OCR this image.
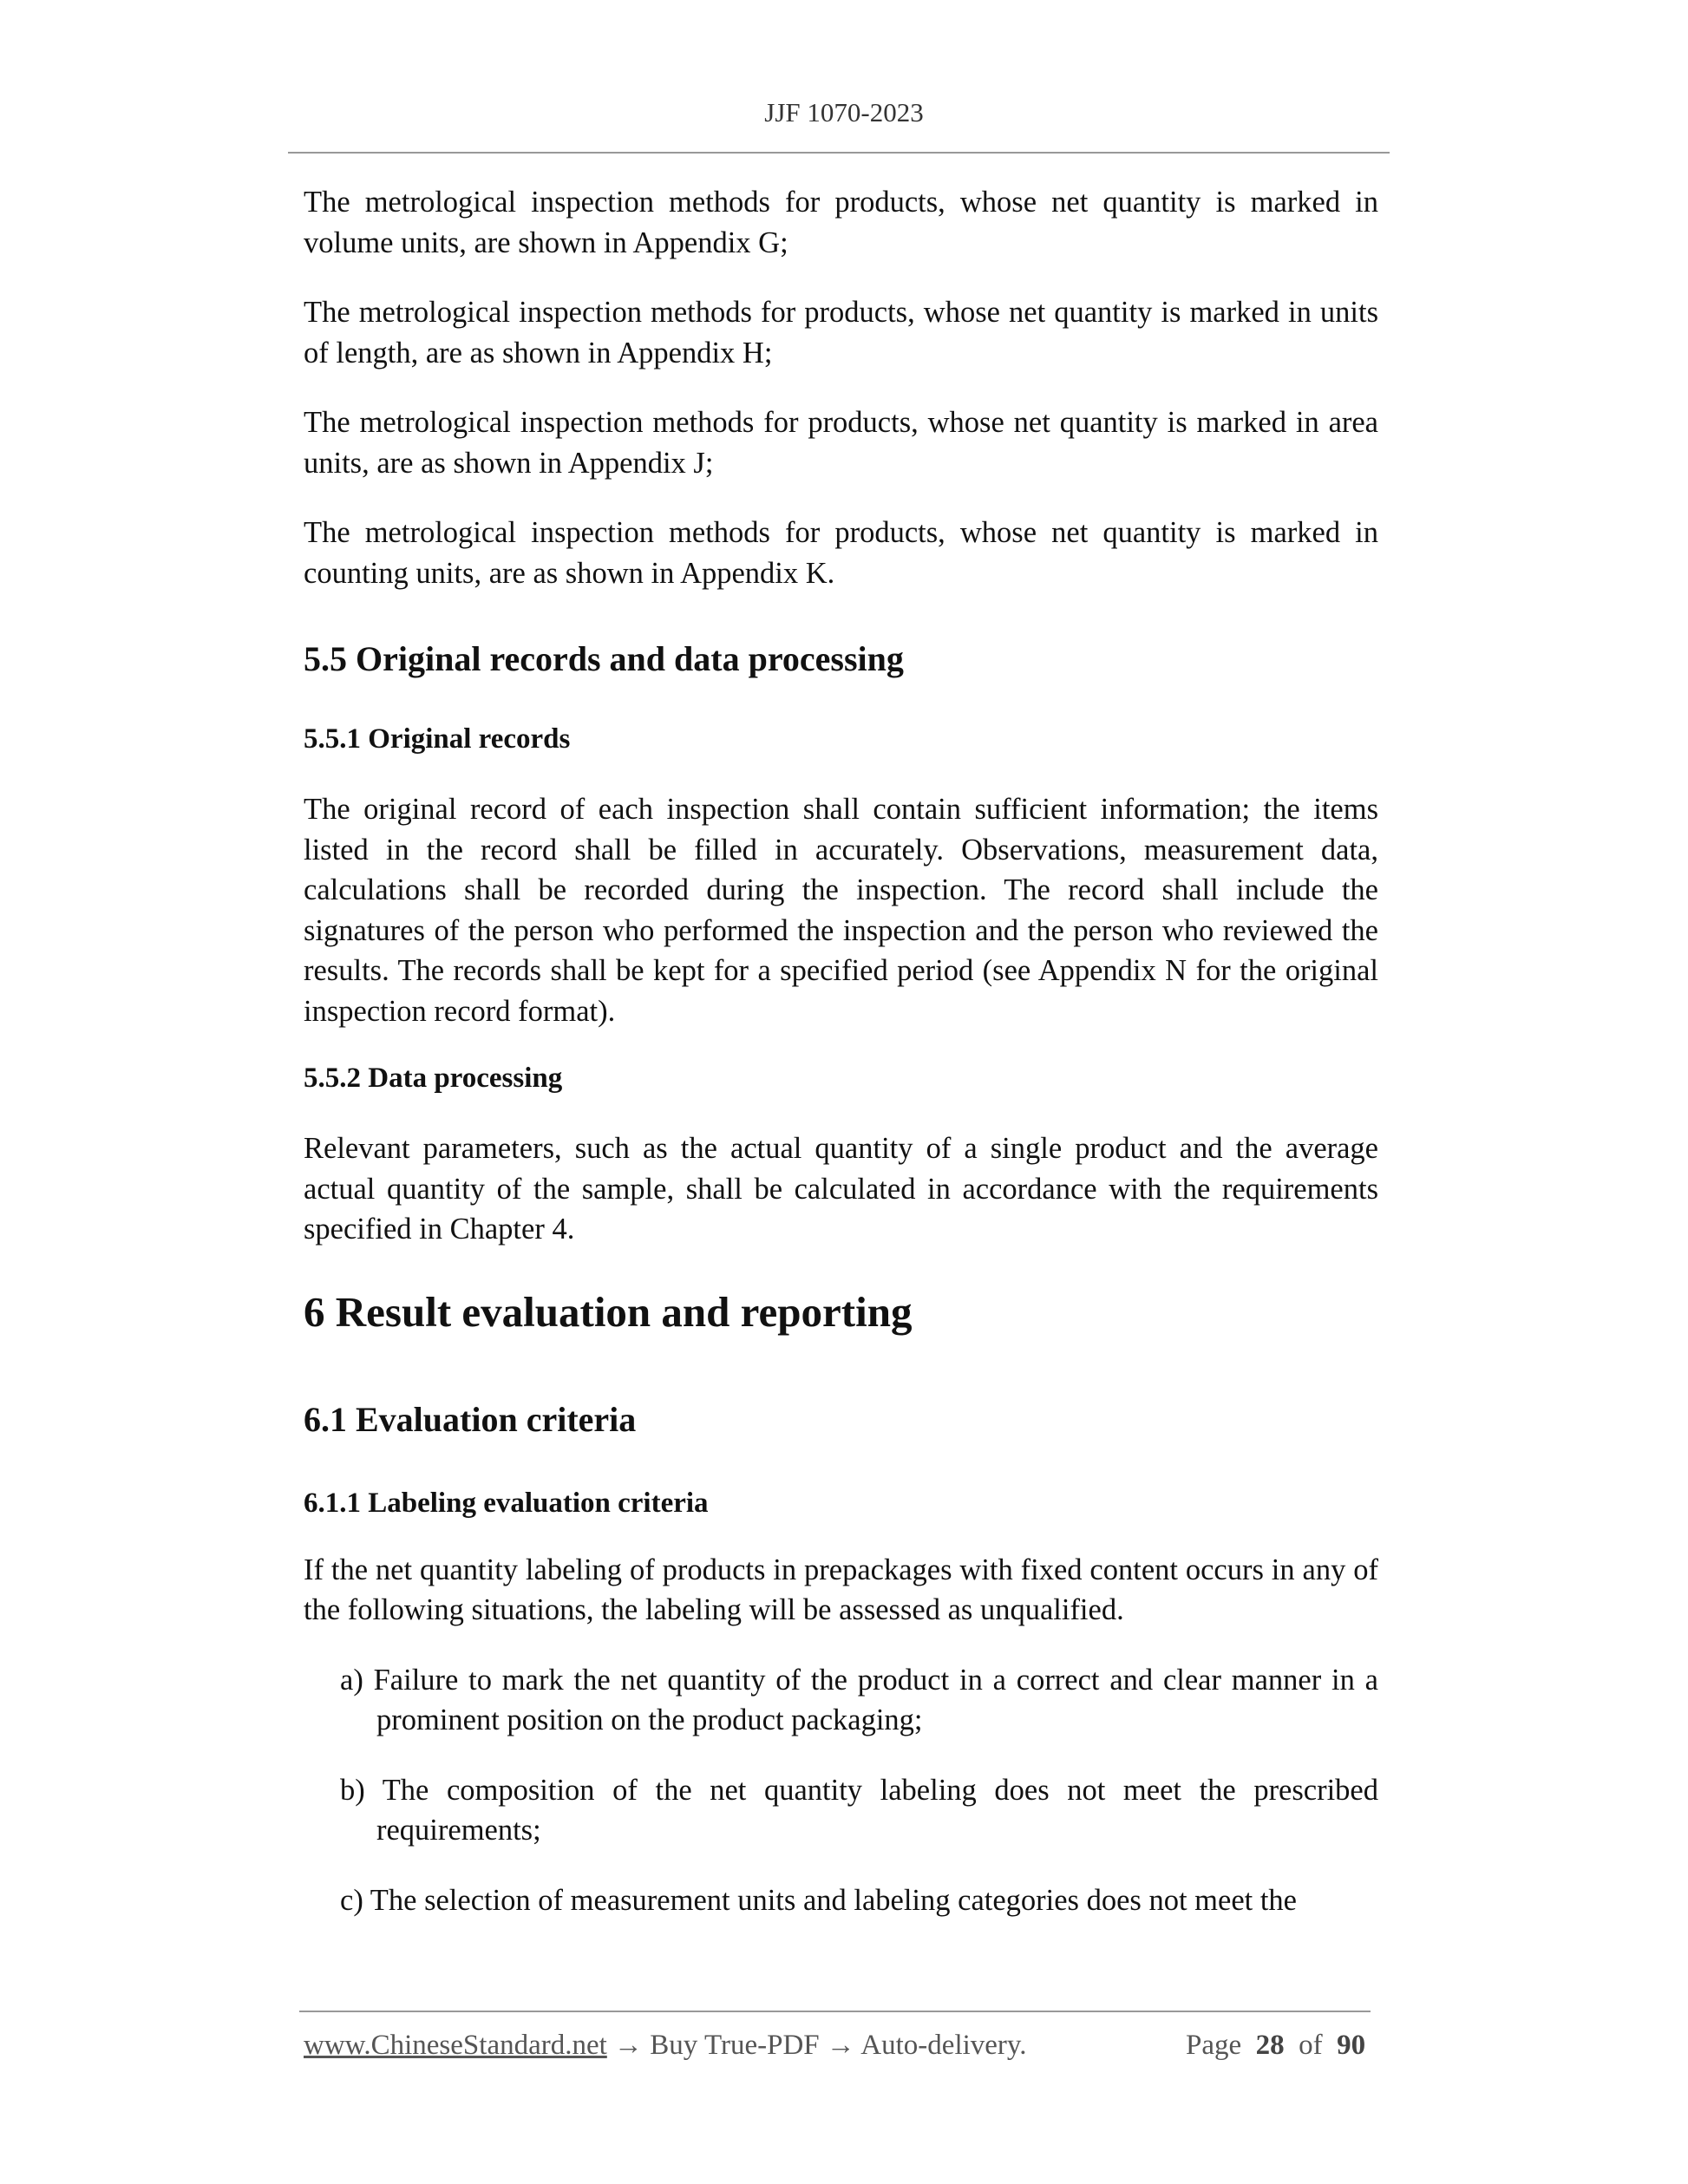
JJF 1070-2023

The metrological inspection methods for products, whose net quantity is marked in volume units, are shown in Appendix G;

The metrological inspection methods for products, whose net quantity is marked in units of length, are as shown in Appendix H;

The metrological inspection methods for products, whose net quantity is marked in area units, are as shown in Appendix J;

The metrological inspection methods for products, whose net quantity is marked in counting units, are as shown in Appendix K.

5.5 Original records and data processing
5.5.1 Original records

The original record of each inspection shall contain sufficient information; the items listed in the record shall be filled in accurately. Observations, measurement data, calculations shall be recorded during the inspection. The record shall include the signatures of the person who performed the inspection and the person who reviewed the results. The records shall be kept for a specified period (see Appendix N for the original inspection record format).

5.5.2 Data processing

Relevant parameters, such as the actual quantity of a single product and the average actual quantity of the sample, shall be calculated in accordance with the requirements specified in Chapter 4.

6 Result evaluation and reporting
6.1 Evaluation criteria
6.1.1 Labeling evaluation criteria

If the net quantity labeling of products in prepackages with fixed content occurs in any of the following situations, the labeling will be assessed as unqualified.

a) Failure to mark the net quantity of the product in a correct and clear manner in a prominent position on the product packaging;
b) The composition of the net quantity labeling does not meet the prescribed requirements;
c) The selection of measurement units and labeling categories does not meet the
www.ChineseStandard.net → Buy True-PDF → Auto-delivery.	Page 28 of 90
